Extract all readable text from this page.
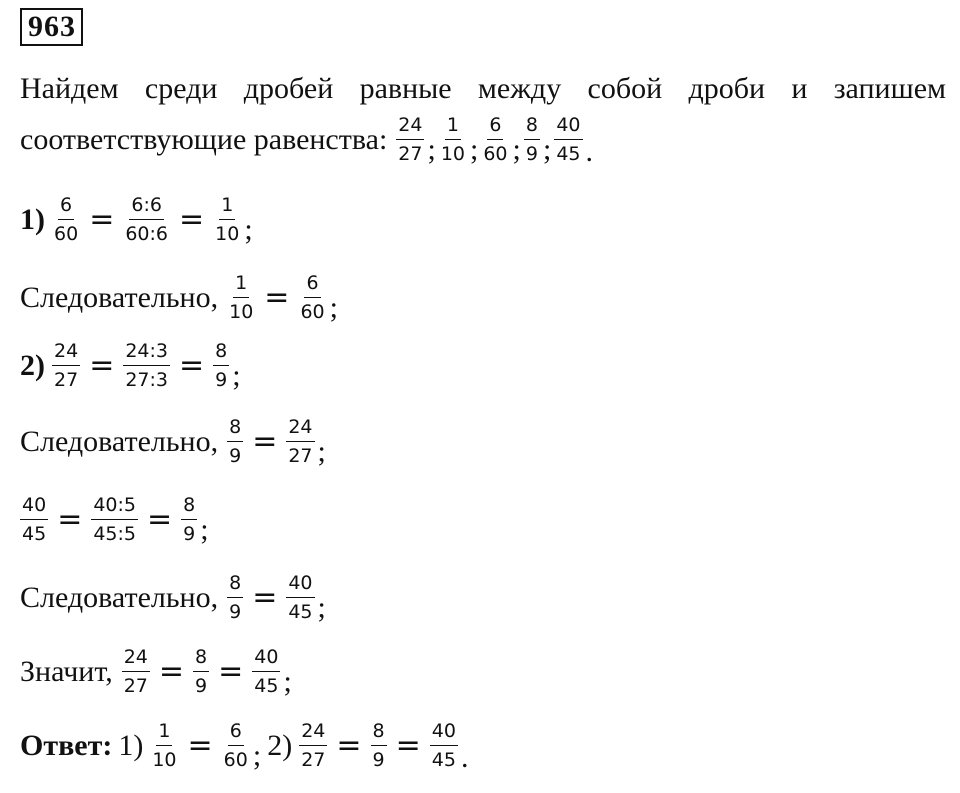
963
Найдем среди дробей равные между собой дроби и запишем
соответствующие равенства: $\frac{24}{27}$ ; $\frac{1}{10}$ ; $\frac{6}{60}$ ; $\frac{8}{9}$ ; $\frac{40}{45}$ .
$1) \frac{6}{60} = \frac{6:6}{60:6} = \frac{1}{10}$ ;
Следовательно, $\frac{1}{10} = \frac{6}{60}$ ;
$2) \frac{24}{27} = \frac{24:3}{27:3} = \frac{8}{9}$ ;
Следовательно, $\frac{8}{9} = \frac{24}{27}$ ;
$\frac{40}{45} = \frac{40:5}{45:5} = \frac{8}{9}$ ;
Следовательно, $\frac{8}{9} = \frac{40}{45}$ ;
Значит, $\frac{24}{27} = \frac{8}{9} = \frac{40}{45}$ ;
Ответ: $1) \frac{1}{10} = \frac{6}{60}$ ; $2) \frac{24}{27} = \frac{8}{9} = \frac{40}{45}$ .
